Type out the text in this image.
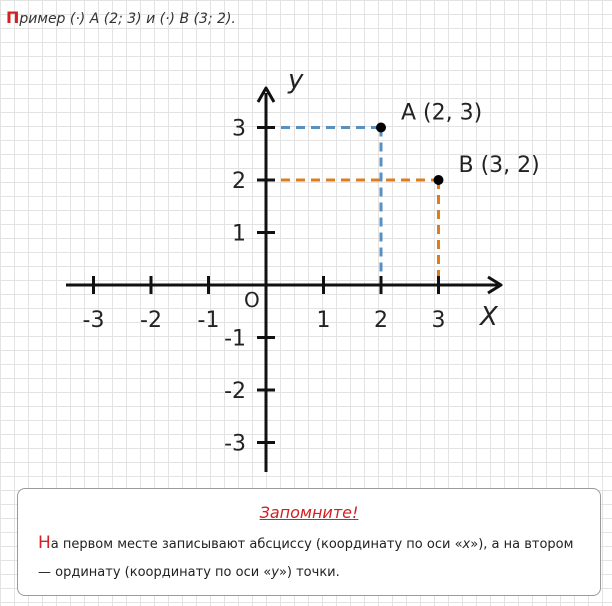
Пример (·) А (2; 3) и (·) В (3; 2).
-3 -2 -1	1 2 3
3
2
1
-1
-2
-3
A (2, 3)
B (3, 2)
X
y
O
Запомните!
На первом месте записывают абсциссу (координату по оси «x»), а на втором — ординату (координату по оси «у») точки.
